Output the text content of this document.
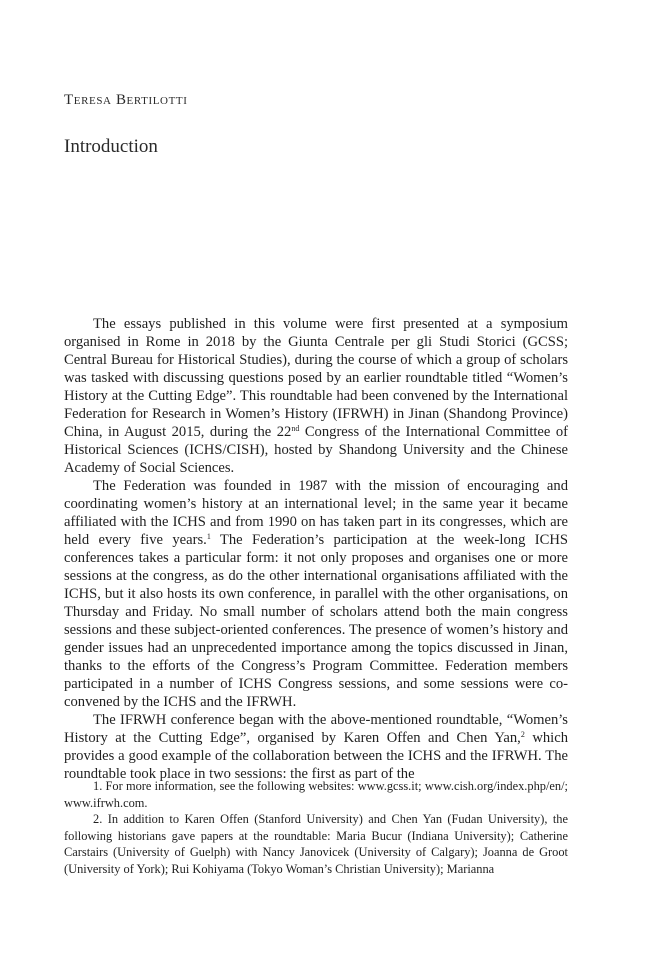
Teresa Bertilotti
Introduction

The essays published in this volume were first presented at a symposium organised in Rome in 2018 by the Giunta Centrale per gli Studi Storici (GCSS; Central Bureau for Historical Studies), during the course of which a group of scholars was tasked with discussing questions posed by an earlier roundtable titled “Women’s History at the Cutting Edge”. This roundtable had been convened by the International Federation for Research in Women’s History (IFRWH) in Jinan (Shandong Province) China, in August 2015, during the 22nd Congress of the International Committee of Historical Sciences (ICHS/CISH), hosted by Shandong University and the Chinese Academy of Social Sciences.

The Federation was founded in 1987 with the mission of encouraging and coordinating women’s history at an international level; in the same year it became affiliated with the ICHS and from 1990 on has taken part in its congresses, which are held every five years.$^1$ The Federation’s participation at the week-long ICHS conferences takes a particular form: it not only proposes and organises one or more sessions at the congress, as do the other international organisations affiliated with the ICHS, but it also hosts its own conference, in parallel with the other organisations, on Thursday and Friday. No small number of scholars attend both the main congress sessions and these subject-oriented conferences. The presence of women’s history and gender issues had an unprecedented importance among the topics discussed in Jinan, thanks to the efforts of the Congress’s Program Committee. Federation members participated in a number of ICHS Congress sessions, and some sessions were co-convened by the ICHS and the IFRWH.

The IFRWH conference began with the above-mentioned roundtable, “Women’s History at the Cutting Edge”, organised by Karen Offen and Chen Yan,$^2$ which provides a good example of the collaboration between the ICHS and the IFRWH. The roundtable took place in two sessions: the first as part of the

1. For more information, see the following websites: www.gcss.it; www.cish.org/index.php/en/; www.ifrwh.com.

2. In addition to Karen Offen (Stanford University) and Chen Yan (Fudan University), the following historians gave papers at the roundtable: Maria Bucur (Indiana University); Catherine Carstairs (University of Guelph) with Nancy Janovicek (University of Calgary); Joanna de Groot (University of York); Rui Kohiyama (Tokyo Woman’s Christian University); Marianna
